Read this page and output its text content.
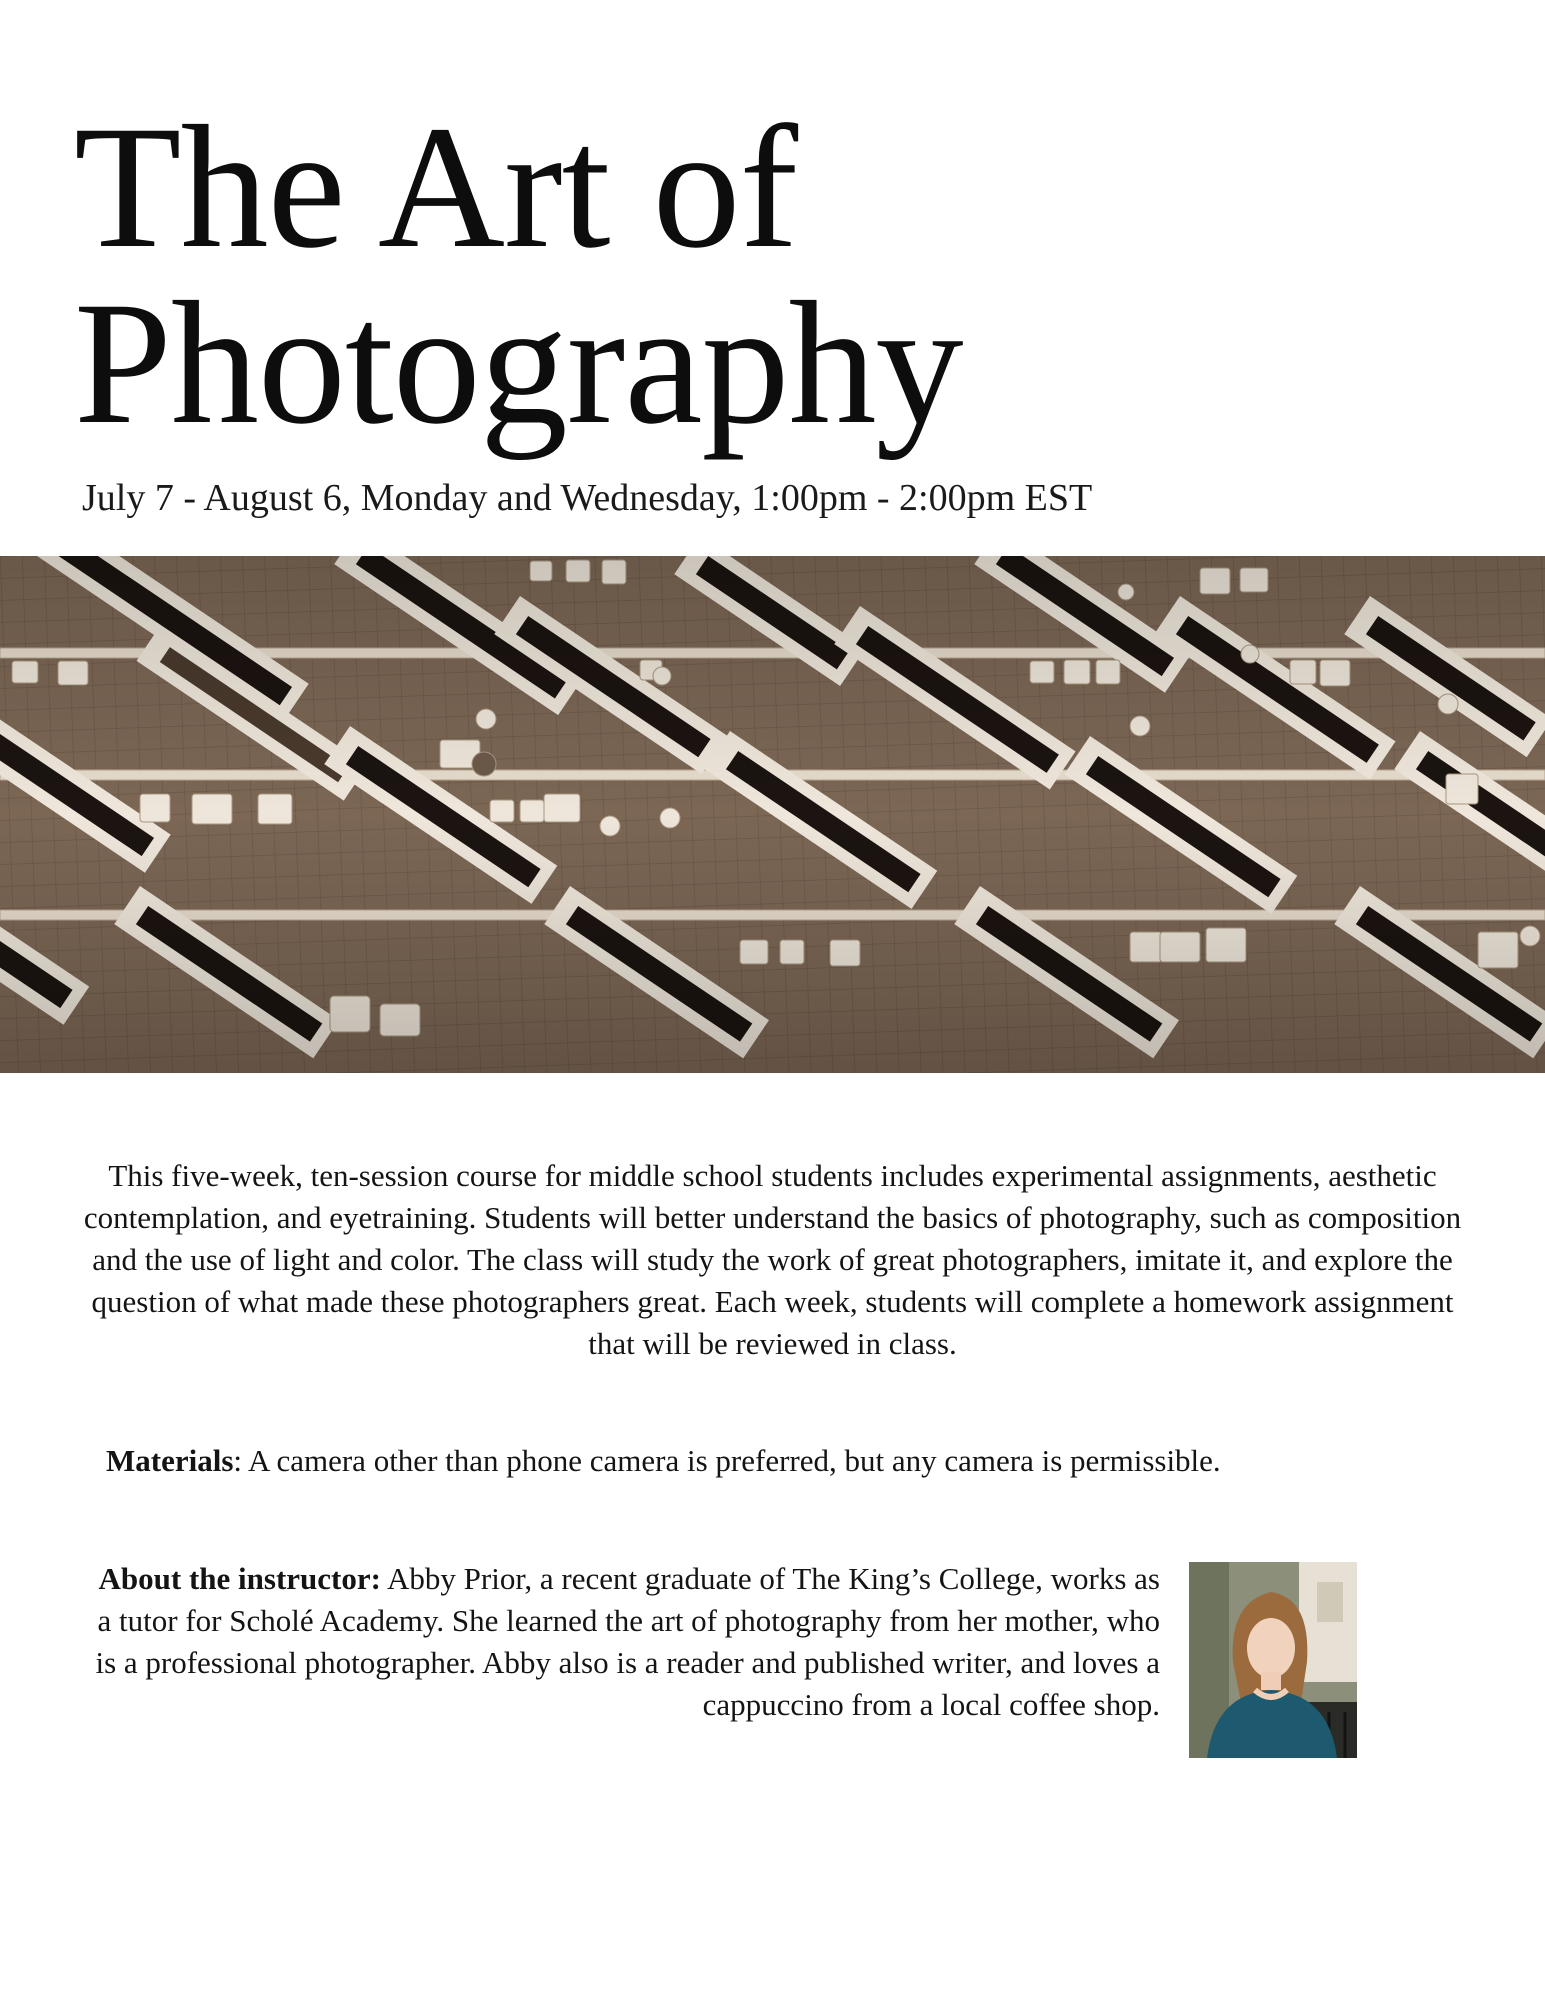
The Art of
Photography
July 7 - August 6, Monday and Wednesday, 1:00pm - 2:00pm EST

This five-week, ten-session course for middle school students includes experimental assignments, aesthetic contemplation, and eyetraining. Students will better understand the basics of photography, such as composition and the use of light and color. The class will study the work of great photographers, imitate it, and explore the question of what made these photographers great. Each week, students will complete a homework assignment that will be reviewed in class.

Materials: A camera other than phone camera is preferred, but any camera is permissible.

About the instructor: Abby Prior, a recent graduate of The King’s College, works as a tutor for Scholé Academy. She learned the art of photography from her mother, who is a professional photographer. Abby also is a reader and published writer, and loves a cappuccino from a local coffee shop.
